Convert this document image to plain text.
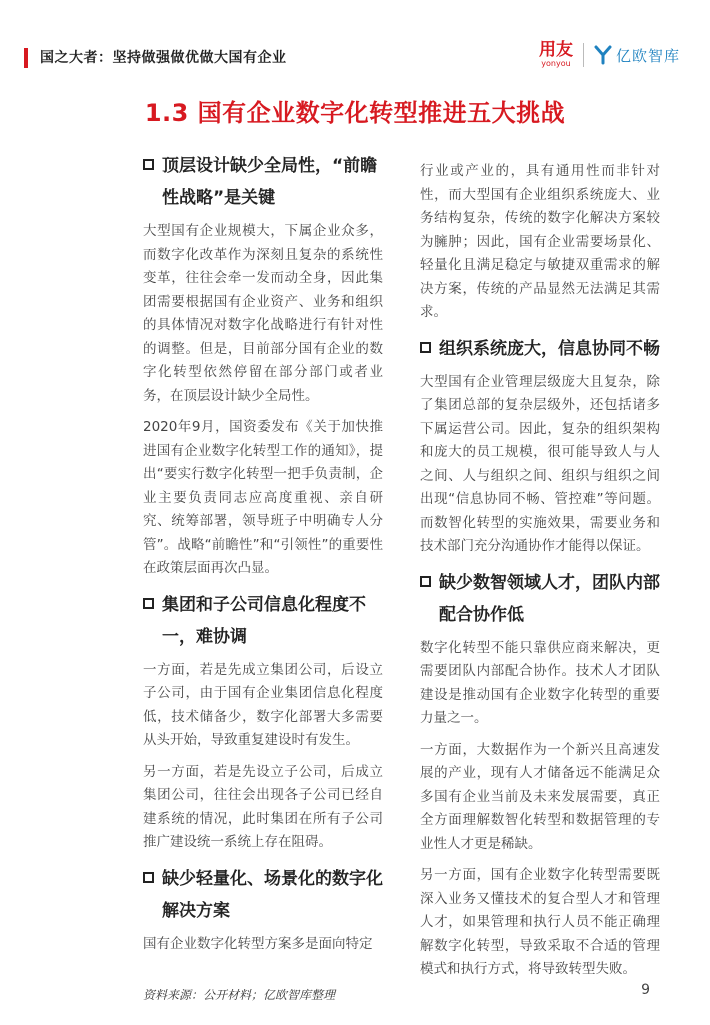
国之大者：坚持做强做优做大国有企业	用友
yonyou	亿欧智库
1.3 国有企业数字化转型推进五大挑战
顶层设计缺少全局性，“前瞻性战略”是关键

大型国有企业规模大，下属企业众多，而数字化改革作为深刻且复杂的系统性变革，往往会牵一发而动全身，因此集团需要根据国有企业资产、业务和组织的具体情况对数字化战略进行有针对性的调整。但是，目前部分国有企业的数字化转型依然停留在部分部门或者业务，在顶层设计缺少全局性。

2020年9月，国资委发布《关于加快推进国有企业数字化转型工作的通知》，提出“要实行数字化转型一把手负责制，企业主要负责同志应高度重视、亲自研究、统筹部署，领导班子中明确专人分管”。战略“前瞻性”和“引领性”的重要性在政策层面再次凸显。

集团和子公司信息化程度不一，难协调

一方面，若是先成立集团公司，后设立子公司，由于国有企业集团信息化程度低，技术储备少，数字化部署大多需要从头开始，导致重复建设时有发生。

另一方面，若是先设立子公司，后成立集团公司，往往会出现各子公司已经自建系统的情况，此时集团在所有子公司推广建设统一系统上存在阻碍。

缺少轻量化、场景化的数字化解决方案

国有企业数字化转型方案多是面向特定

行业或产业的，具有通用性而非针对性，而大型国有企业组织系统庞大、业务结构复杂，传统的数字化解决方案较为臃肿；因此，国有企业需要场景化、轻量化且满足稳定与敏捷双重需求的解决方案，传统的产品显然无法满足其需求。

组织系统庞大，信息协同不畅

大型国有企业管理层级庞大且复杂，除了集团总部的复杂层级外，还包括诸多下属运营公司。因此，复杂的组织架构和庞大的员工规模，很可能导致人与人之间、人与组织之间、组织与组织之间出现“信息协同不畅、管控难”等问题。而数智化转型的实施效果，需要业务和技术部门充分沟通协作才能得以保证。

缺少数智领域人才，团队内部配合协作低

数字化转型不能只靠供应商来解决，更需要团队内部配合协作。技术人才团队建设是推动国有企业数字化转型的重要力量之一。

一方面，大数据作为一个新兴且高速发展的产业，现有人才储备远不能满足众多国有企业当前及未来发展需要，真正全方面理解数智化转型和数据管理的专业性人才更是稀缺。

另一方面，国有企业数字化转型需要既深入业务又懂技术的复合型人才和管理人才，如果管理和执行人员不能正确理解数字化转型，导致采取不合适的管理模式和执行方式，将导致转型失败。

资料来源：公开材料；亿欧智库整理	9
